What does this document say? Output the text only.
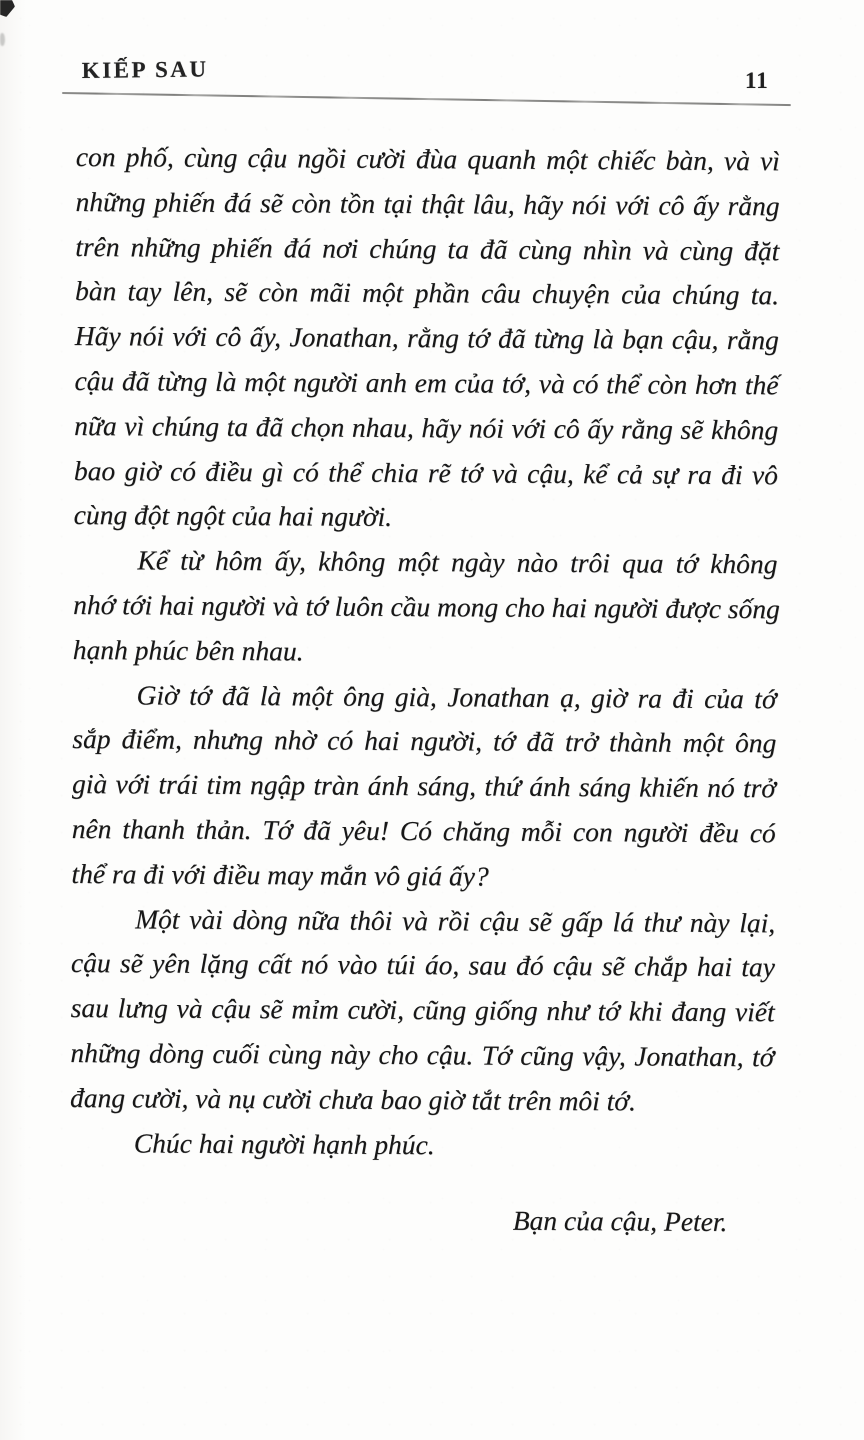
KIẾP SAU	11
con phố, cùng cậu ngồi cười đùa quanh một chiếc bàn, và vì
những phiến đá sẽ còn tồn tại thật lâu, hãy nói với cô ấy rằng
trên những phiến đá nơi chúng ta đã cùng nhìn và cùng đặt
bàn tay lên, sẽ còn mãi một phần câu chuyện của chúng ta.
Hãy nói với cô ấy, Jonathan, rằng tớ đã từng là bạn cậu, rằng
cậu đã từng là một người anh em của tớ, và có thể còn hơn thế
nữa vì chúng ta đã chọn nhau, hãy nói với cô ấy rằng sẽ không
bao giờ có điều gì có thể chia rẽ tớ và cậu, kể cả sự ra đi vô
cùng đột ngột của hai người.
Kể từ hôm ấy, không một ngày nào trôi qua tớ không
nhớ tới hai người và tớ luôn cầu mong cho hai người được sống
hạnh phúc bên nhau.
Giờ tớ đã là một ông già, Jonathan ạ, giờ ra đi của tớ
sắp điểm, nhưng nhờ có hai người, tớ đã trở thành một ông
già với trái tim ngập tràn ánh sáng, thứ ánh sáng khiến nó trở
nên thanh thản. Tớ đã yêu! Có chăng mỗi con người đều có
thể ra đi với điều may mắn vô giá ấy?
Một vài dòng nữa thôi và rồi cậu sẽ gấp lá thư này lại,
cậu sẽ yên lặng cất nó vào túi áo, sau đó cậu sẽ chắp hai tay
sau lưng và cậu sẽ mỉm cười, cũng giống như tớ khi đang viết
những dòng cuối cùng này cho cậu. Tớ cũng vậy, Jonathan, tớ
đang cười, và nụ cười chưa bao giờ tắt trên môi tớ.
Chúc hai người hạnh phúc.
Bạn của cậu, Peter.
